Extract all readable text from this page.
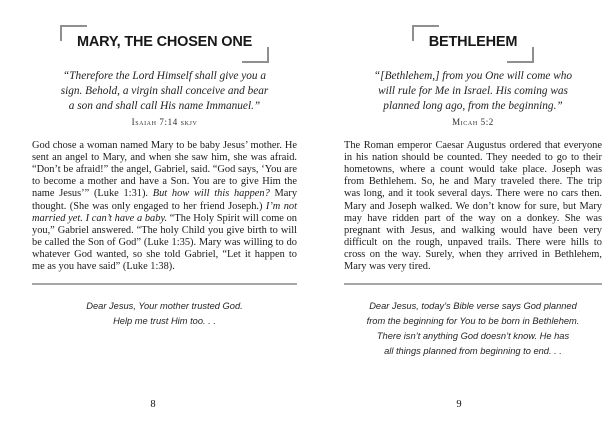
MARY, THE CHOSEN ONE

“Therefore the Lord Himself shall give you a
sign. Behold, a virgin shall conceive and bear
a son and shall call His name Immanuel.”

Isaiah 7:14 skjv

God chose a woman named Mary to be baby Jesus’ mother. He sent an angel to Mary, and when she saw him, she was afraid. “Don’t be afraid!” the angel, Gabriel, said. “God says, ‘You are to become a mother and have a Son. You are to give Him the name Jesus’” (Luke 1:31). But how will this happen? Mary thought. (She was only engaged to her friend Joseph.) I’m not married yet. I can’t have a baby. “The Holy Spirit will come on you,” Gabriel answered. “The holy Child you give birth to will be called the Son of God” (Luke 1:35). Mary was willing to do whatever God wanted, so she told Gabriel, “Let it happen to me as you have said” (Luke 1:38).

Dear Jesus, Your mother trusted God.
Help me trust Him too. . .

8
BETHLEHEM

“[Bethlehem,] from you One will come who
will rule for Me in Israel. His coming was
planned long ago, from the beginning.”

Micah 5:2

The Roman emperor Caesar Augustus ordered that everyone in his nation should be counted. They needed to go to their hometowns, where a count would take place. Joseph was from Bethlehem. So, he and Mary traveled there. The trip was long, and it took several days. There were no cars then. Mary and Joseph walked. We don’t know for sure, but Mary may have ridden part of the way on a donkey. She was pregnant with Jesus, and walking would have been very difficult on the rough, unpaved trails. There were hills to cross on the way. Surely, when they arrived in Bethlehem, Mary was very tired.

Dear Jesus, today’s Bible verse says God planned
from the beginning for You to be born in Bethlehem.
There isn’t anything God doesn’t know. He has
all things planned from beginning to end. . .

9
